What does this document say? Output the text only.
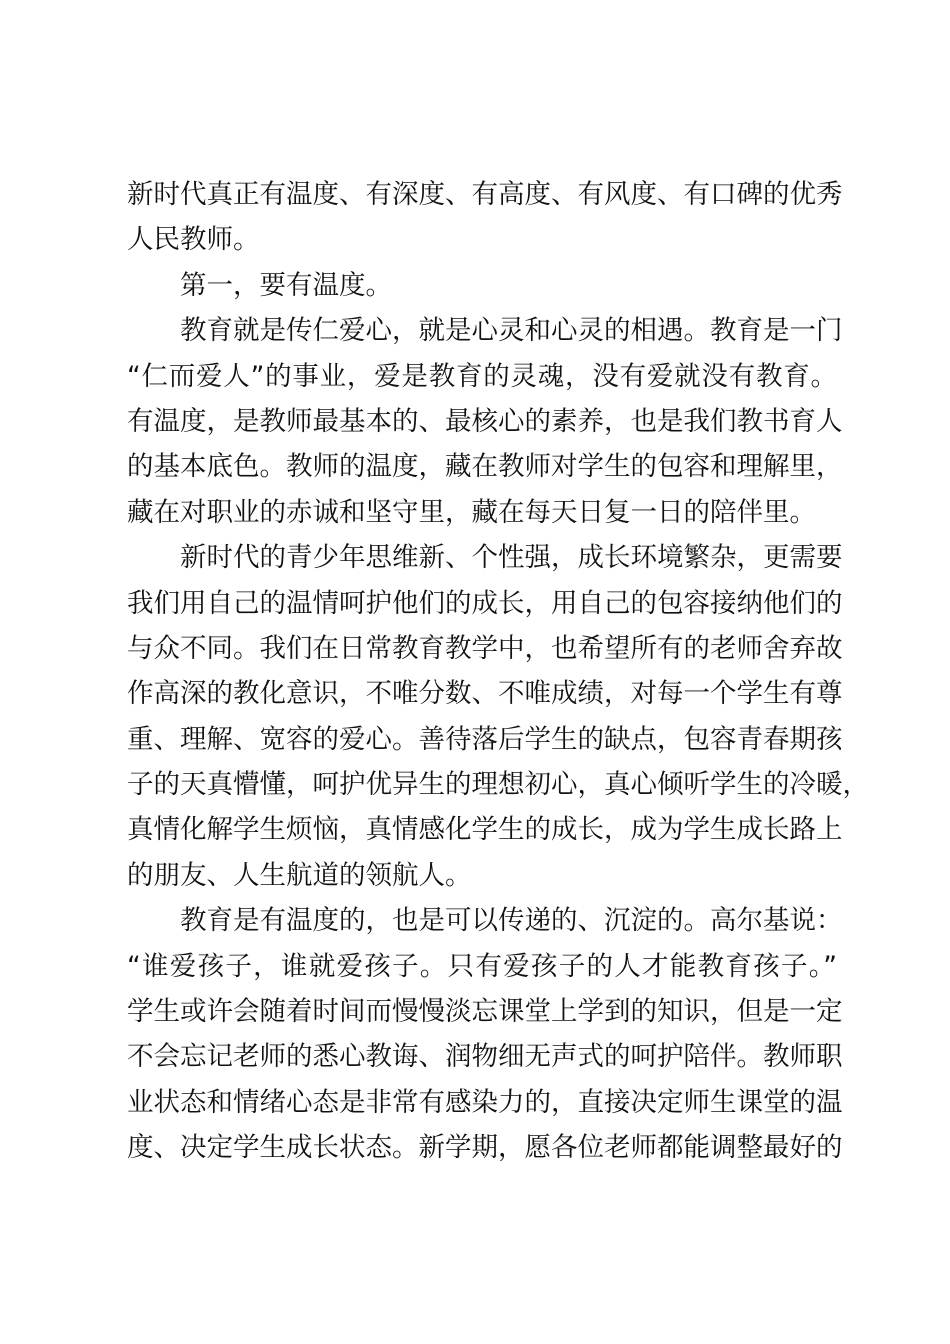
新时代真正有温度、有深度、有高度、有风度、有口碑的优秀
人民教师。
第一，要有温度。
教育就是传仁爱心，就是心灵和心灵的相遇。教育是一门
“仁而爱人”的事业，爱是教育的灵魂，没有爱就没有教育。
有温度，是教师最基本的、最核心的素养，也是我们教书育人
的基本底色。教师的温度，藏在教师对学生的包容和理解里，
藏在对职业的赤诚和坚守里，藏在每天日复一日的陪伴里。
新时代的青少年思维新、个性强，成长环境繁杂，更需要
我们用自己的温情呵护他们的成长，用自己的包容接纳他们的
与众不同。我们在日常教育教学中，也希望所有的老师舍弃故
作高深的教化意识，不唯分数、不唯成绩，对每一个学生有尊
重、理解、宽容的爱心。善待落后学生的缺点，包容青春期孩
子的天真懵懂，呵护优异生的理想初心，真心倾听学生的冷暖，
真情化解学生烦恼，真情感化学生的成长，成为学生成长路上
的朋友、人生航道的领航人。
教育是有温度的，也是可以传递的、沉淀的。高尔基说：
“谁爱孩子，谁就爱孩子。只有爱孩子的人才能教育孩子。”
学生或许会随着时间而慢慢淡忘课堂上学到的知识，但是一定
不会忘记老师的悉心教诲、润物细无声式的呵护陪伴。教师职
业状态和情绪心态是非常有感染力的，直接决定师生课堂的温
度、决定学生成长状态。新学期，愿各位老师都能调整最好的
